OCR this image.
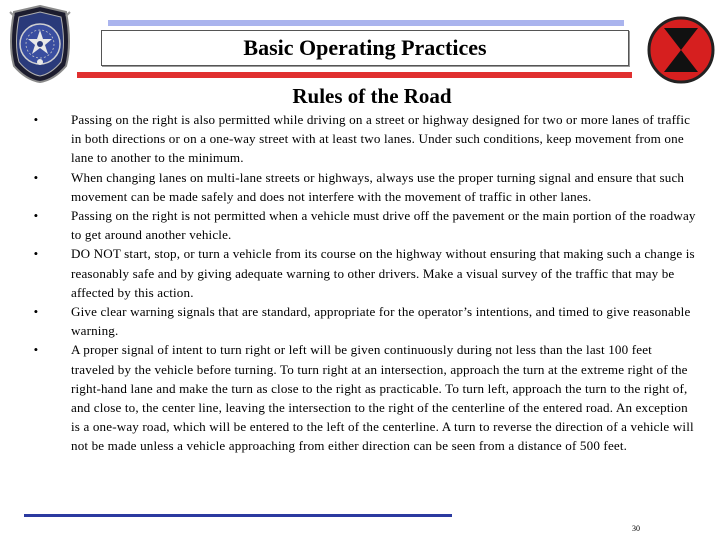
Basic Operating Practices
Rules of the Road
• Passing on the right is also permitted while driving on a street or highway designed for two or more lanes of traffic in both directions or on a one-way street with at least two lanes. Under such conditions, keep movement from one lane to another to the minimum.
• When changing lanes on multi-lane streets or highways, always use the proper turning signal and ensure that such movement can be made safely and does not interfere with the movement of traffic in other lanes.
• Passing on the right is not permitted when a vehicle must drive off the pavement or the main portion of the roadway to get around another vehicle.
• DO NOT start, stop, or turn a vehicle from its course on the highway without ensuring that making such a change is reasonably safe and by giving adequate warning to other drivers. Make a visual survey of the traffic that may be affected by this action.
• Give clear warning signals that are standard, appropriate for the operator’s intentions, and timed to give reasonable warning.
• A proper signal of intent to turn right or left will be given continuously during not less than the last 100 feet traveled by the vehicle before turning. To turn right at an intersection, approach the turn at the extreme right of the right-hand lane and make the turn as close to the right as practicable. To turn left, approach the turn to the right of, and close to, the center line, leaving the intersection to the right of the centerline of the entered road. An exception is a one-way road, which will be entered to the left of the centerline. A turn to reverse the direction of a vehicle will not be made unless a vehicle approaching from either direction can be seen from a distance of 500 feet.
30
